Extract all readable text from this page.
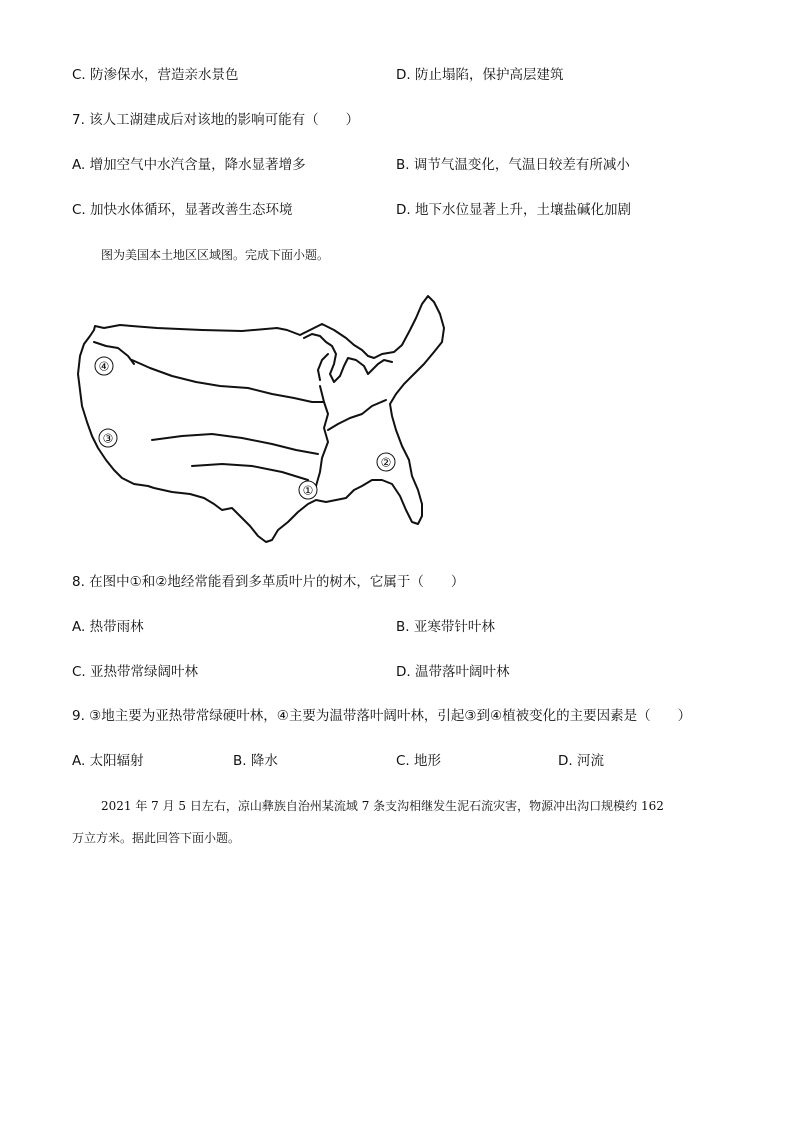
C. 防渗保水，营造亲水景色	D. 防止塌陷，保护高层建筑
7. 该人工湖建成后对该地的影响可能有（　　）
A. 增加空气中水汽含量，降水显著增多	B. 调节气温变化，气温日较差有所减小
C. 加快水体循环，显著改善生态环境	D. 地下水位显著上升，土壤盐碱化加剧
图为美国本土地区区域图。完成下面小题。
①
②
③
④
8. 在图中①和②地经常能看到多革质叶片的树木，它属于（　　）
A. 热带雨林	B. 亚寒带针叶林
C. 亚热带常绿阔叶林	D. 温带落叶阔叶林
9. ③地主要为亚热带常绿硬叶林，④主要为温带落叶阔叶林，引起③到④植被变化的主要因素是（　　）
A. 太阳辐射	B. 降水	C. 地形	D. 河流
2021 年 7 月 5 日左右，凉山彝族自治州某流域 7 条支沟相继发生泥石流灾害，物源冲出沟口规模约 162
万立方米。据此回答下面小题。
